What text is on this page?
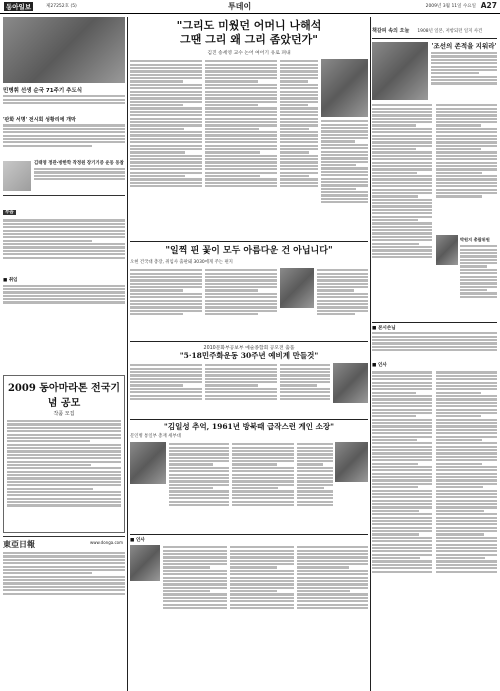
동아일보	제27252호 (5)	투데이	2009년 3월 11일 수요일 A27
민병휘 선생 순국 71주기 추도식
'판화 서명' 전시회 성황리에 개막
김태영 정관·방한학 작정원 장기기증 운동 동참
부음
■ 취임
2009 동아마라톤 전국기념 공모
작품 모집
東亞日報	www.donga.com
"그리도 미웠던 어머니 나해석
그땐 그리 왜 그리 좀았던가"
김진 송세영 교수 논어 여어기 유로 펴내
"일찍 핀 꽃이 모두 아름다운 건 아닙니다"
오현 건국대 총장, 취임사 출판돼 3030에게 주는 편지
2010문화부공보부 예술종합회 공모전 출품
"5·18민주화운동 30주년 예비계 만들것"
"김일성 추억, 1961년 방북때 급작스런 게인 소장"
문인병 통일부 총재 세부대
■ 인사
책갈피 속의 오늘 1908년 일본, 저항되던 일지 사건
'조선의 존적을 지워라'
박원지 총괄위원
■ 본시손님
■ 인사
